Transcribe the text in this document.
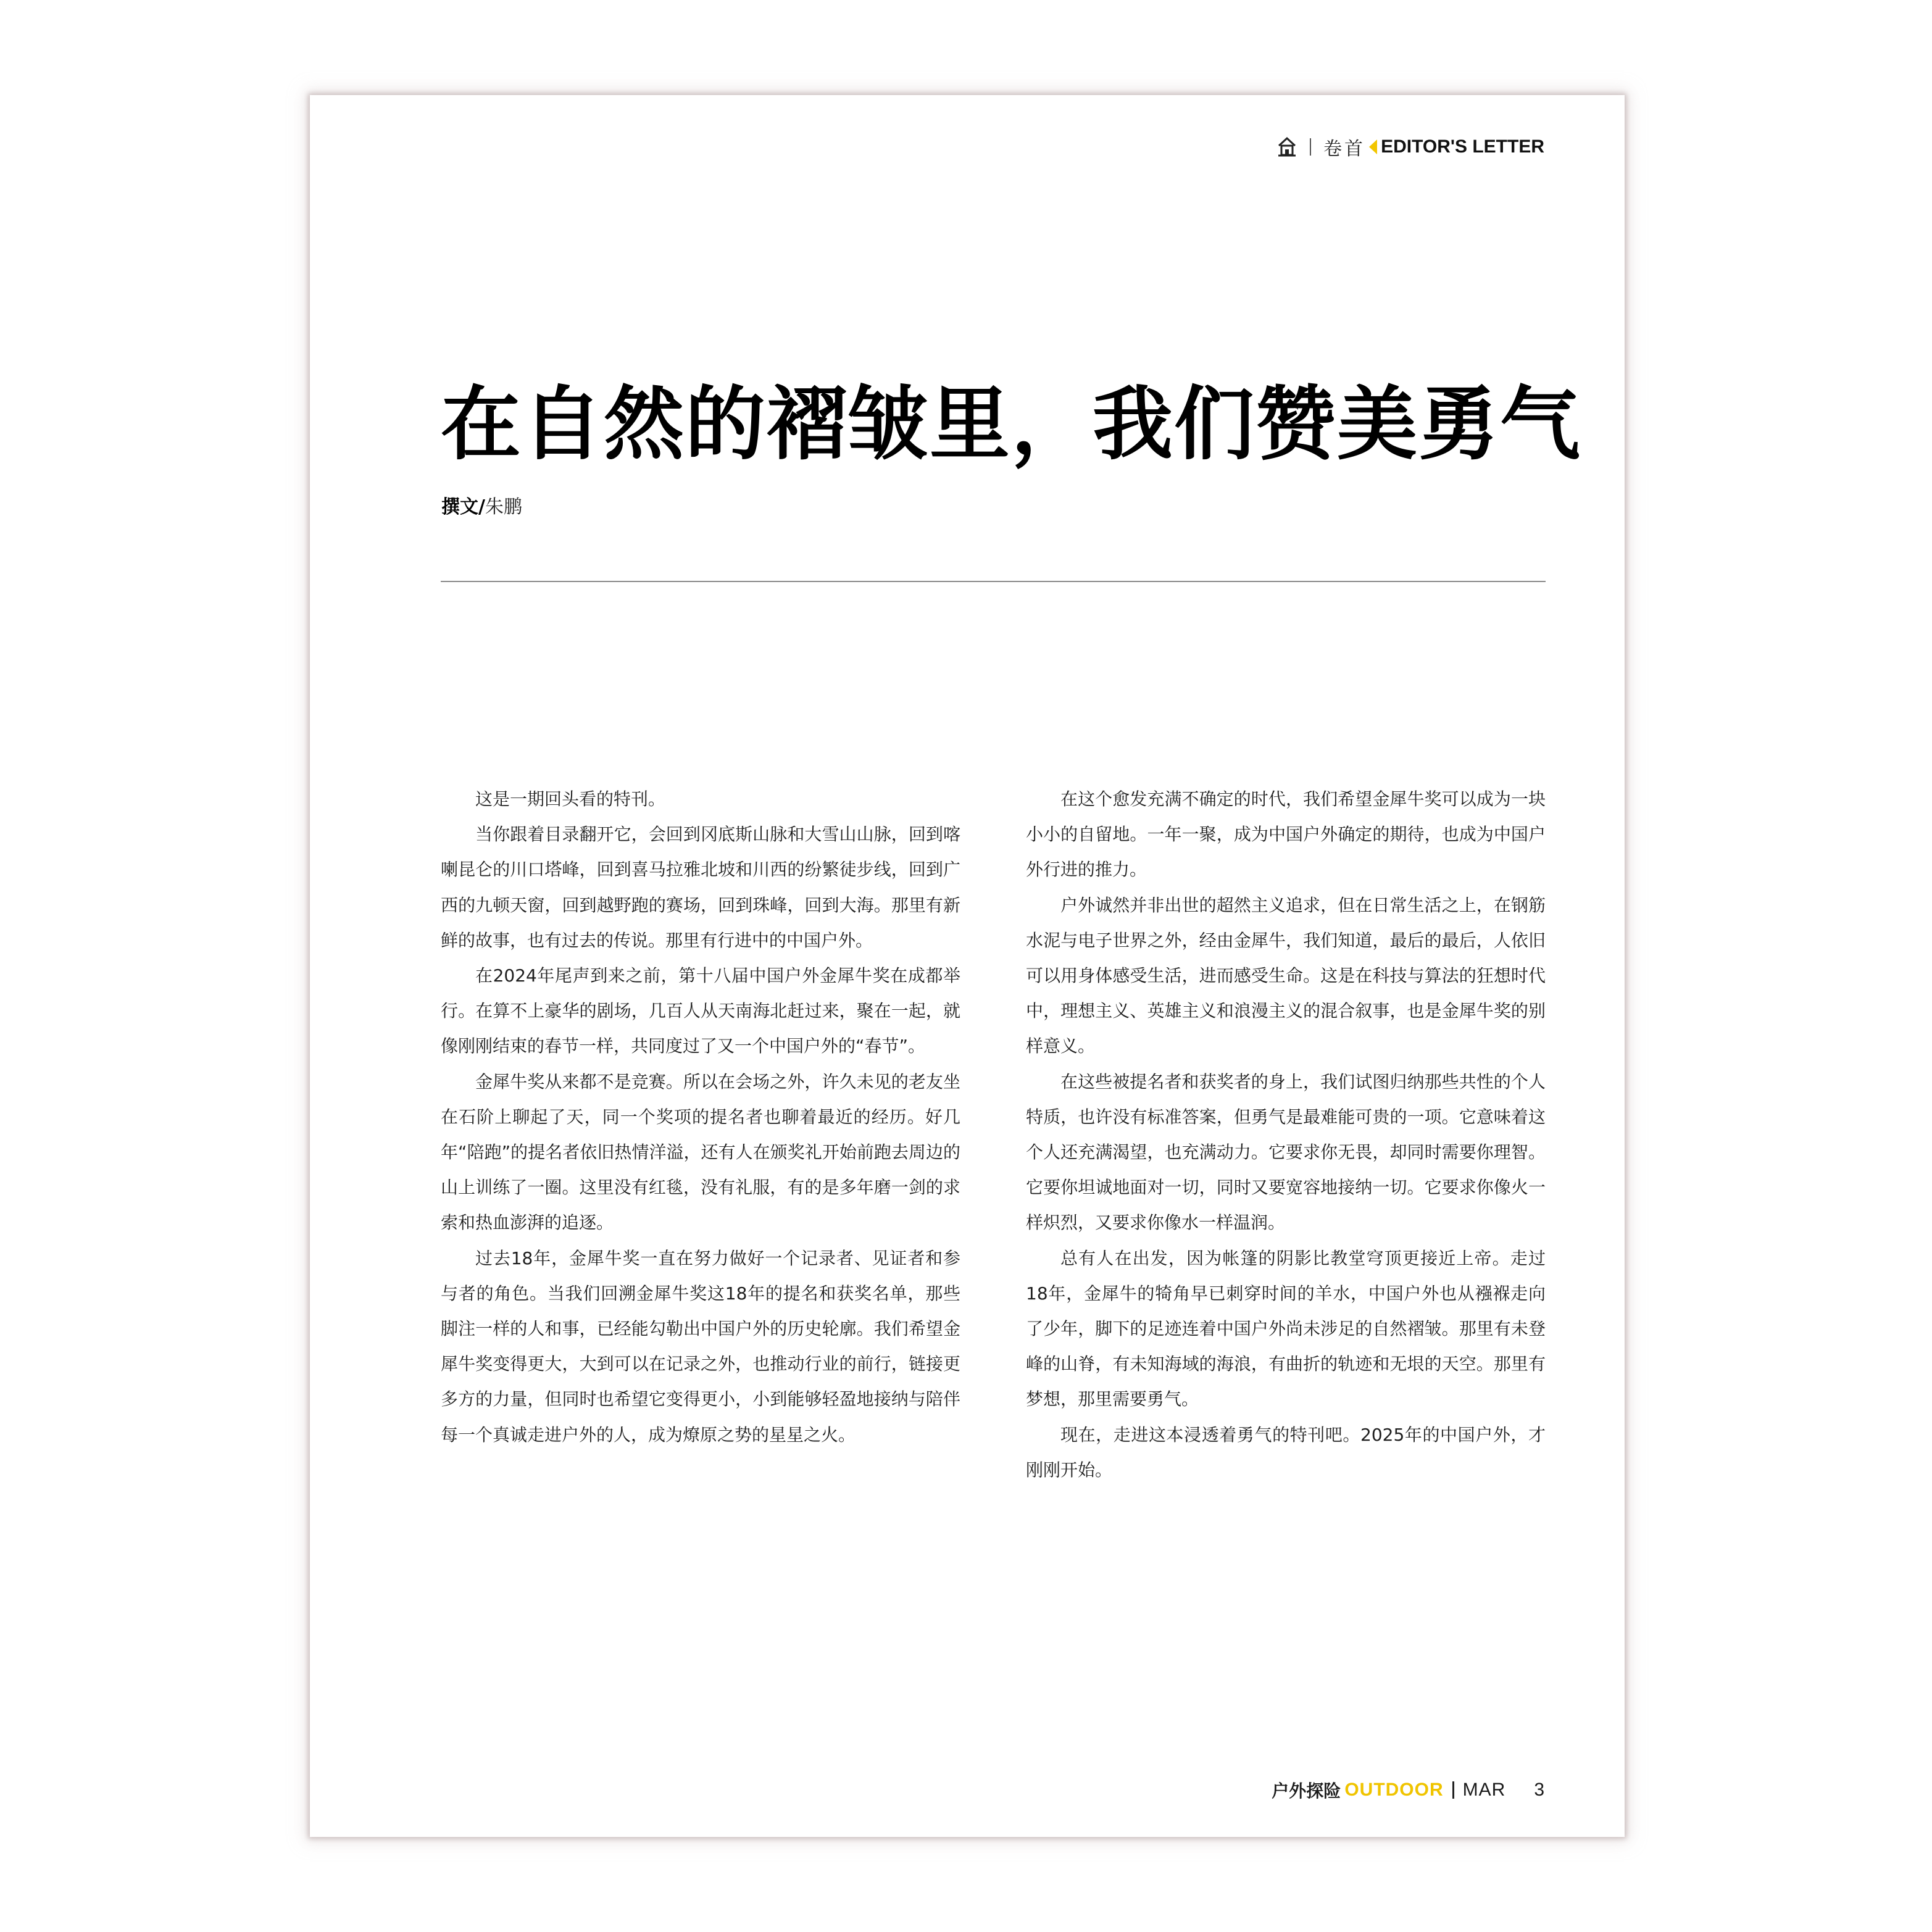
卷首 EDITOR'S LETTER
在自然的褶皱里，我们赞美勇气
撰文/朱鹏

这是一期回头看的特刊。

当你跟着目录翻开它，会回到冈底斯山脉和大雪山山脉，回到喀喇昆仑的川口塔峰，回到喜马拉雅北坡和川西的纷繁徒步线，回到广西的九顿天窗，回到越野跑的赛场，回到珠峰，回到大海。那里有新鲜的故事，也有过去的传说。那里有行进中的中国户外。

在2024年尾声到来之前，第十八届中国户外金犀牛奖在成都举行。在算不上豪华的剧场，几百人从天南海北赶过来，聚在一起，就像刚刚结束的春节一样，共同度过了又一个中国户外的“春节”。

金犀牛奖从来都不是竞赛。所以在会场之外，许久未见的老友坐在石阶上聊起了天，同一个奖项的提名者也聊着最近的经历。好几年“陪跑”的提名者依旧热情洋溢，还有人在颁奖礼开始前跑去周边的山上训练了一圈。这里没有红毯，没有礼服，有的是多年磨一剑的求索和热血澎湃的追逐。

过去18年，金犀牛奖一直在努力做好一个记录者、见证者和参与者的角色。当我们回溯金犀牛奖这18年的提名和获奖名单，那些脚注一样的人和事，已经能勾勒出中国户外的历史轮廓。我们希望金犀牛奖变得更大，大到可以在记录之外，也推动行业的前行，链接更多方的力量，但同时也希望它变得更小，小到能够轻盈地接纳与陪伴每一个真诚走进户外的人，成为燎原之势的星星之火。

在这个愈发充满不确定的时代，我们希望金犀牛奖可以成为一块小小的自留地。一年一聚，成为中国户外确定的期待，也成为中国户外行进的推力。

户外诚然并非出世的超然主义追求，但在日常生活之上，在钢筋水泥与电子世界之外，经由金犀牛，我们知道，最后的最后，人依旧可以用身体感受生活，进而感受生命。这是在科技与算法的狂想时代中，理想主义、英雄主义和浪漫主义的混合叙事，也是金犀牛奖的别样意义。

在这些被提名者和获奖者的身上，我们试图归纳那些共性的个人特质，也许没有标准答案，但勇气是最难能可贵的一项。它意味着这个人还充满渴望，也充满动力。它要求你无畏，却同时需要你理智。它要你坦诚地面对一切，同时又要宽容地接纳一切。它要求你像火一样炽烈，又要求你像水一样温润。

总有人在出发，因为帐篷的阴影比教堂穹顶更接近上帝。走过18年，金犀牛的犄角早已刺穿时间的羊水，中国户外也从襁褓走向了少年，脚下的足迹连着中国户外尚未涉足的自然褶皱。那里有未登峰的山脊，有未知海域的海浪，有曲折的轨迹和无垠的天空。那里有梦想，那里需要勇气。

现在，走进这本浸透着勇气的特刊吧。2025年的中国户外，才刚刚开始。

户外探险 OUTDOOR MAR 3
